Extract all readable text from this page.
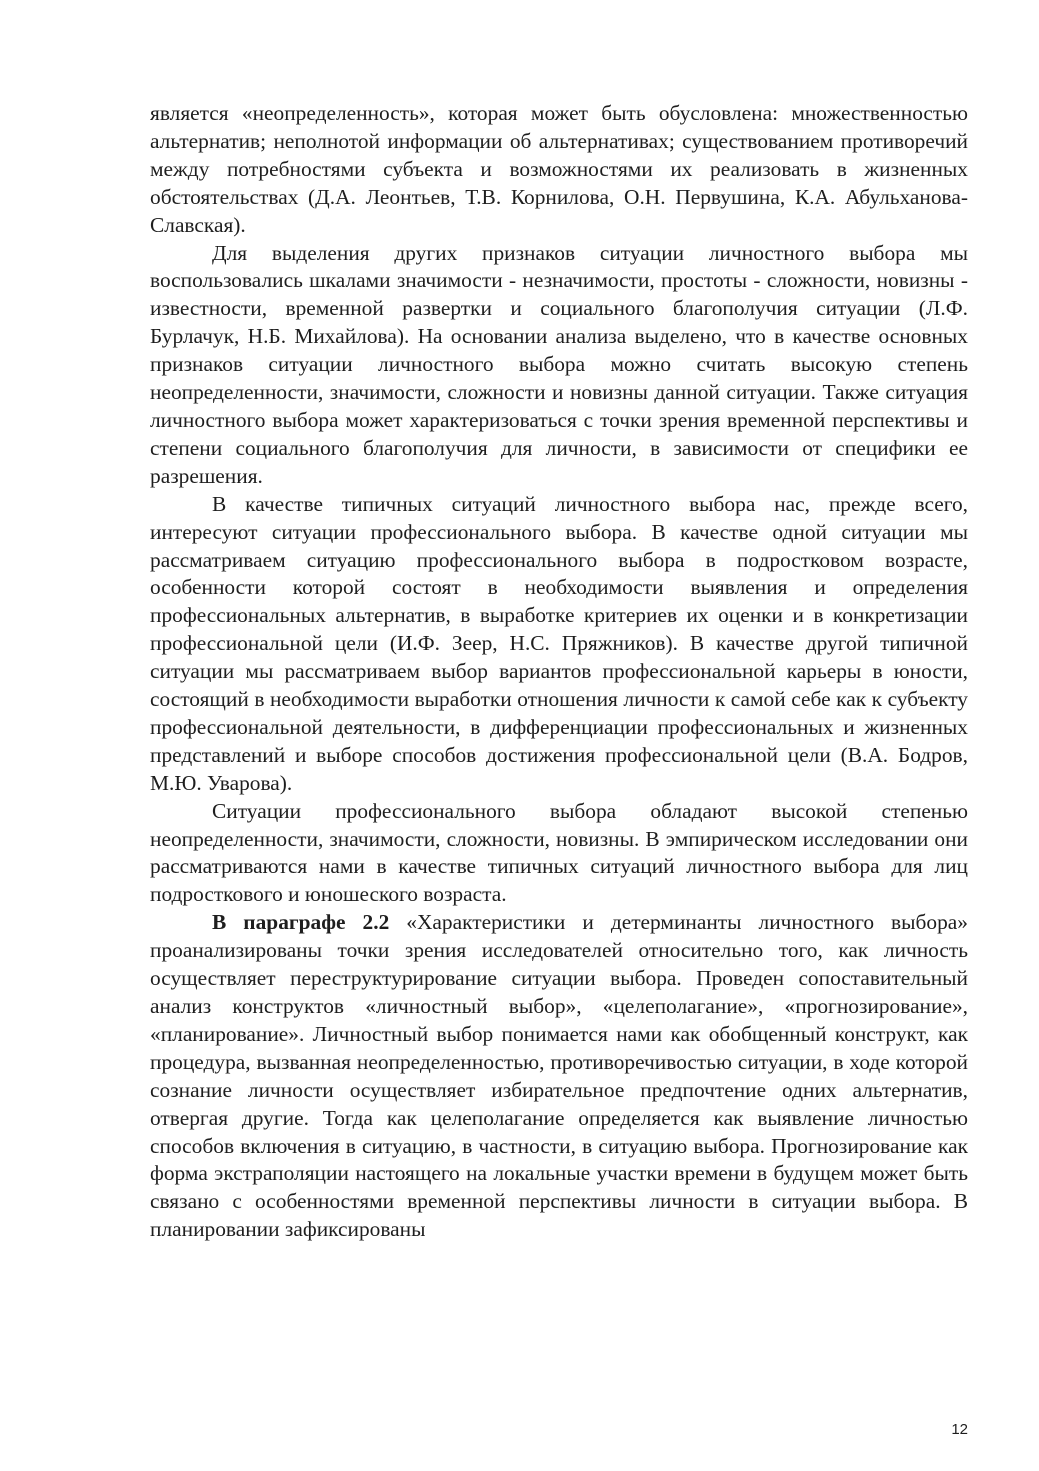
является «неопределенность», которая может быть обусловлена: множественностью альтернатив; неполнотой информации об альтернативах; существованием противоречий между потребностями субъекта и возможностями их реализовать в жизненных обстоятельствах (Д.А. Леонтьев, Т.В. Корнилова, О.Н. Первушина, К.А. Абульханова-Славская).

Для выделения других признаков ситуации личностного выбора мы воспользовались шкалами значимости - незначимости, простоты - сложности, новизны - известности, временной развертки и социального благополучия ситуации (Л.Ф. Бурлачук, Н.Б. Михайлова). На основании анализа выделено, что в качестве основных признаков ситуации личностного выбора можно считать высокую степень неопределенности, значимости, сложности и новизны данной ситуации. Также ситуация личностного выбора может характеризоваться с точки зрения временной перспективы и степени социального благополучия для личности, в зависимости от специфики ее разрешения.

В качестве типичных ситуаций личностного выбора нас, прежде всего, интересуют ситуации профессионального выбора. В качестве одной ситуации мы рассматриваем ситуацию профессионального выбора в подростковом возрасте, особенности которой состоят в необходимости выявления и определения профессиональных альтернатив, в выработке критериев их оценки и в конкретизации профессиональной цели (И.Ф. Зеер, Н.С. Пряжников). В качестве другой типичной ситуации мы рассматриваем выбор вариантов профессиональной карьеры в юности, состоящий в необходимости выработки отношения личности к самой себе как к субъекту профессиональной деятельности, в дифференциации профессиональных и жизненных представлений и выборе способов достижения профессиональной цели (В.А. Бодров, М.Ю. Уварова).

Ситуации профессионального выбора обладают высокой степенью неопределенности, значимости, сложности, новизны. В эмпирическом исследовании они рассматриваются нами в качестве типичных ситуаций личностного выбора для лиц подросткового и юношеского возраста.

В параграфе 2.2 «Характеристики и детерминанты личностного выбора» проанализированы точки зрения исследователей относительно того, как личность осуществляет переструктурирование ситуации выбора. Проведен сопоставительный анализ конструктов «личностный выбор», «целеполагание», «прогнозирование», «планирование». Личностный выбор понимается нами как обобщенный конструкт, как процедура, вызванная неопределенностью, противоречивостью ситуации, в ходе которой сознание личности осуществляет избирательное предпочтение одних альтернатив, отвергая другие. Тогда как целеполагание определяется как выявление личностью способов включения в ситуацию, в частности, в ситуацию выбора. Прогнозирование как форма экстраполяции настоящего на локальные участки времени в будущем может быть связано с особенностями временной перспективы личности в ситуации выбора. В планировании зафиксированы

12
